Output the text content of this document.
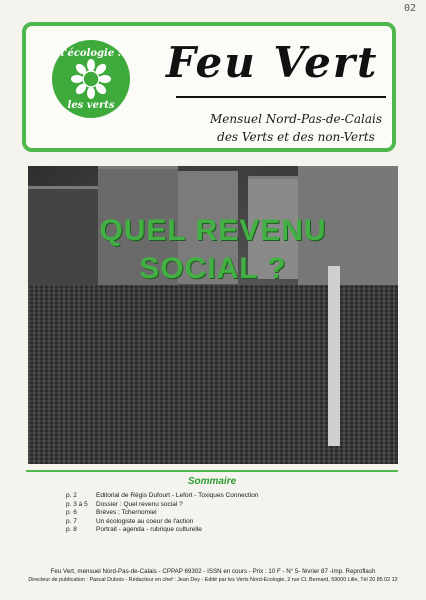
02
l'écologie :
les verts
Feu Vert
Mensuel Nord-Pas-de-Calais
des Verts et des non-Verts
QUEL REVENU
SOCIAL ?
Sommaire
p. 2	Editorial de Régis Dufourt - Lefort - Toxiques Connection
p. 3 à 5	Dossier : Quel revenu social ?
p. 6	Brèves ; Tchernomiel
p. 7	Un écologiste au coeur de l'action
p. 8	Portrait - agenda - rubrique culturelle
Feu Vert, mensuel Nord-Pas-de-Calais - CPPAP 69302 - ISSN en cours - Prix : 10 F - N° 5- février 87 -Imp. Reproflash
Directeur de publication : Pascal Dubois - Rédacteur en chef : Jean Dey - Edité par les Verts Nord-Ecologie, 2 rue Cl. Bernard, 59000 Lille, Tél 20 85 02 12
